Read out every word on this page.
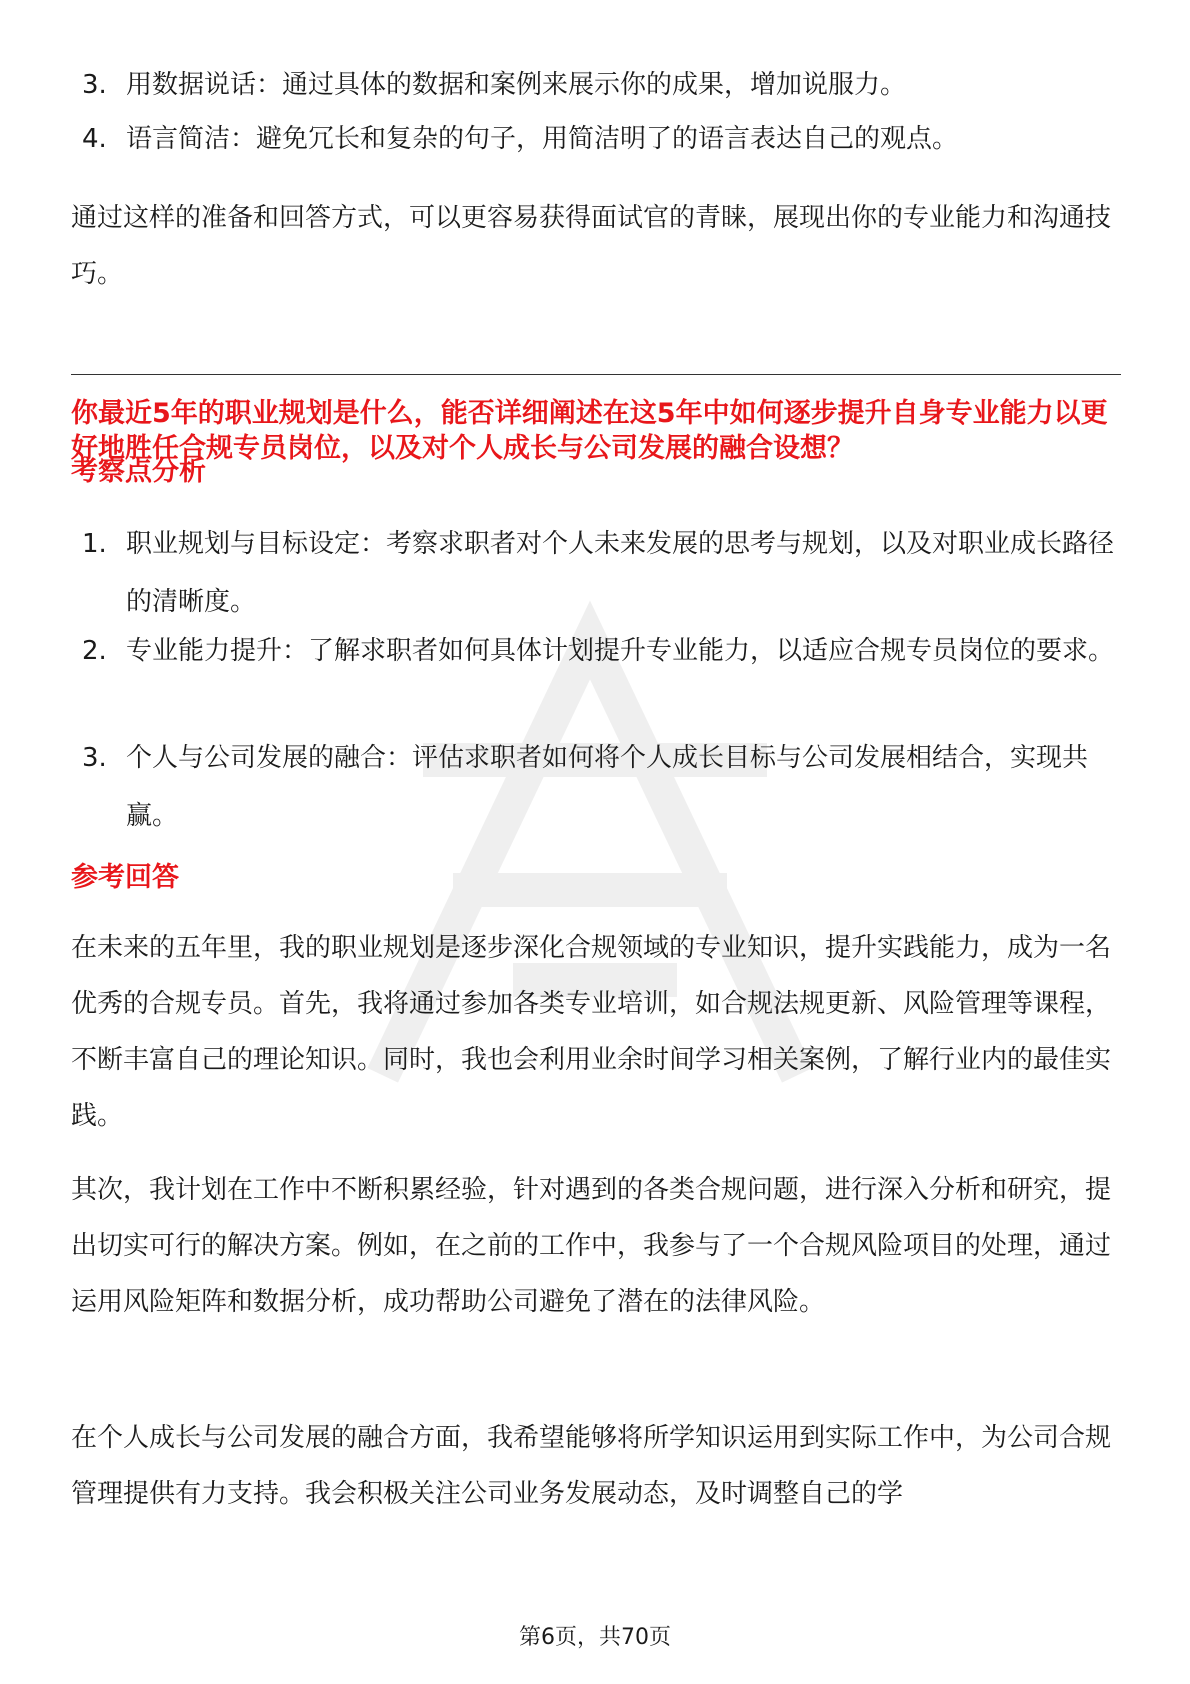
3. 用数据说话：通过具体的数据和案例来展示你的成果，增加说服力。
4. 语言简洁：避免冗长和复杂的句子，用简洁明了的语言表达自己的观点。
通过这样的准备和回答方式，可以更容易获得面试官的青睐，展现出你的专业能力和沟通技巧。
你最近5年的职业规划是什么，能否详细阐述在这5年中如何逐步提升自身专业能力以更好地胜任合规专员岗位，以及对个人成长与公司发展的融合设想？
考察点分析
1. 职业规划与目标设定：考察求职者对个人未来发展的思考与规划，以及对职业成长路径的清晰度。
2. 专业能力提升：了解求职者如何具体计划提升专业能力，以适应合规专员岗位的要求。
3. 个人与公司发展的融合：评估求职者如何将个人成长目标与公司发展相结合，实现共赢。
参考回答
在未来的五年里，我的职业规划是逐步深化合规领域的专业知识，提升实践能力，成为一名优秀的合规专员。首先，我将通过参加各类专业培训，如合规法规更新、风险管理等课程，不断丰富自己的理论知识。同时，我也会利用业余时间学习相关案例，了解行业内的最佳实践。
其次，我计划在工作中不断积累经验，针对遇到的各类合规问题，进行深入分析和研究，提出切实可行的解决方案。例如，在之前的工作中，我参与了一个合规风险项目的处理，通过运用风险矩阵和数据分析，成功帮助公司避免了潜在的法律风险。
在个人成长与公司发展的融合方面，我希望能够将所学知识运用到实际工作中，为公司合规管理提供有力支持。我会积极关注公司业务发展动态，及时调整自己的学
第6页，共70页
